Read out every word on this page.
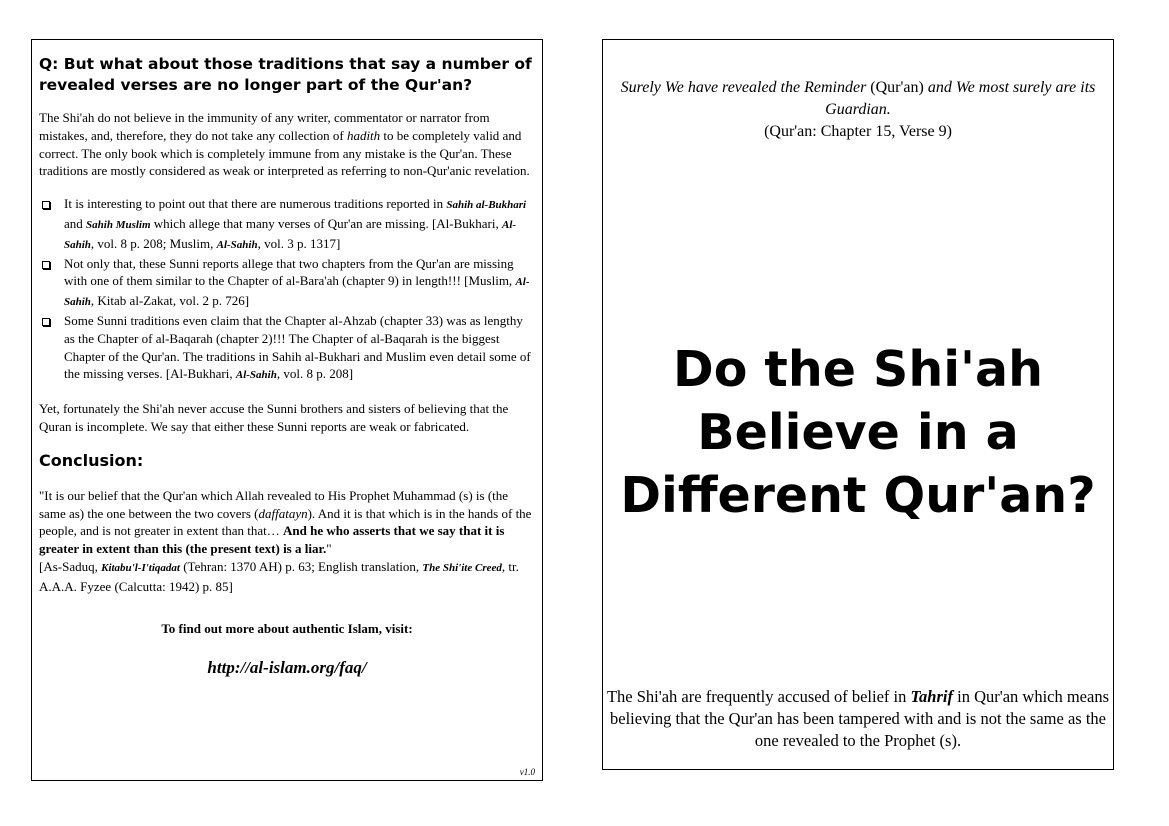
Q: But what about those traditions that say a number of revealed verses are no longer part of the Qur'an?

The Shi'ah do not believe in the immunity of any writer, commentator or narrator from mistakes, and, therefore, they do not take any collection of hadith to be completely valid and correct. The only book which is completely immune from any mistake is the Qur'an. These traditions are mostly considered as weak or interpreted as referring to non-Qur'anic revelation.

It is interesting to point out that there are numerous traditions reported in Sahih al-Bukhari and Sahih Muslim which allege that many verses of Qur'an are missing. [Al-Bukhari, Al-Sahih, vol. 8 p. 208; Muslim, Al-Sahih, vol. 3 p. 1317]
Not only that, these Sunni reports allege that two chapters from the Qur'an are missing with one of them similar to the Chapter of al-Bara'ah (chapter 9) in length!!! [Muslim, Al-Sahih, Kitab al-Zakat, vol. 2 p. 726]
Some Sunni traditions even claim that the Chapter al-Ahzab (chapter 33) was as lengthy as the Chapter of al-Baqarah (chapter 2)!!! The Chapter of al-Baqarah is the biggest Chapter of the Qur'an. The traditions in Sahih al-Bukhari and Muslim even detail some of the missing verses. [Al-Bukhari, Al-Sahih, vol. 8 p. 208]

Yet, fortunately the Shi'ah never accuse the Sunni brothers and sisters of believing that the Quran is incomplete. We say that either these Sunni reports are weak or fabricated.

Conclusion:

"It is our belief that the Qur'an which Allah revealed to His Prophet Muhammad (s) is (the same as) the one between the two covers (daffatayn). And it is that which is in the hands of the people, and is not greater in extent than that… And he who asserts that we say that it is greater in extent than this (the present text) is a liar."

[As-Saduq, Kitabu'l-I'tiqadat (Tehran: 1370 AH) p. 63; English translation, The Shi'ite Creed, tr. A.A.A. Fyzee (Calcutta: 1942) p. 85]

To find out more about authentic Islam, visit:
http://al-islam.org/faq/
v1.0
Surely We have revealed the Reminder (Qur'an) and We most surely are its Guardian.
(Qur'an: Chapter 15, Verse 9)
Do the Shi'ah
Believe in a
Different Qur'an?
The Shi'ah are frequently accused of belief in Tahrif in Qur'an which means believing that the Qur'an has been tampered with and is not the same as the one revealed to the Prophet (s).
